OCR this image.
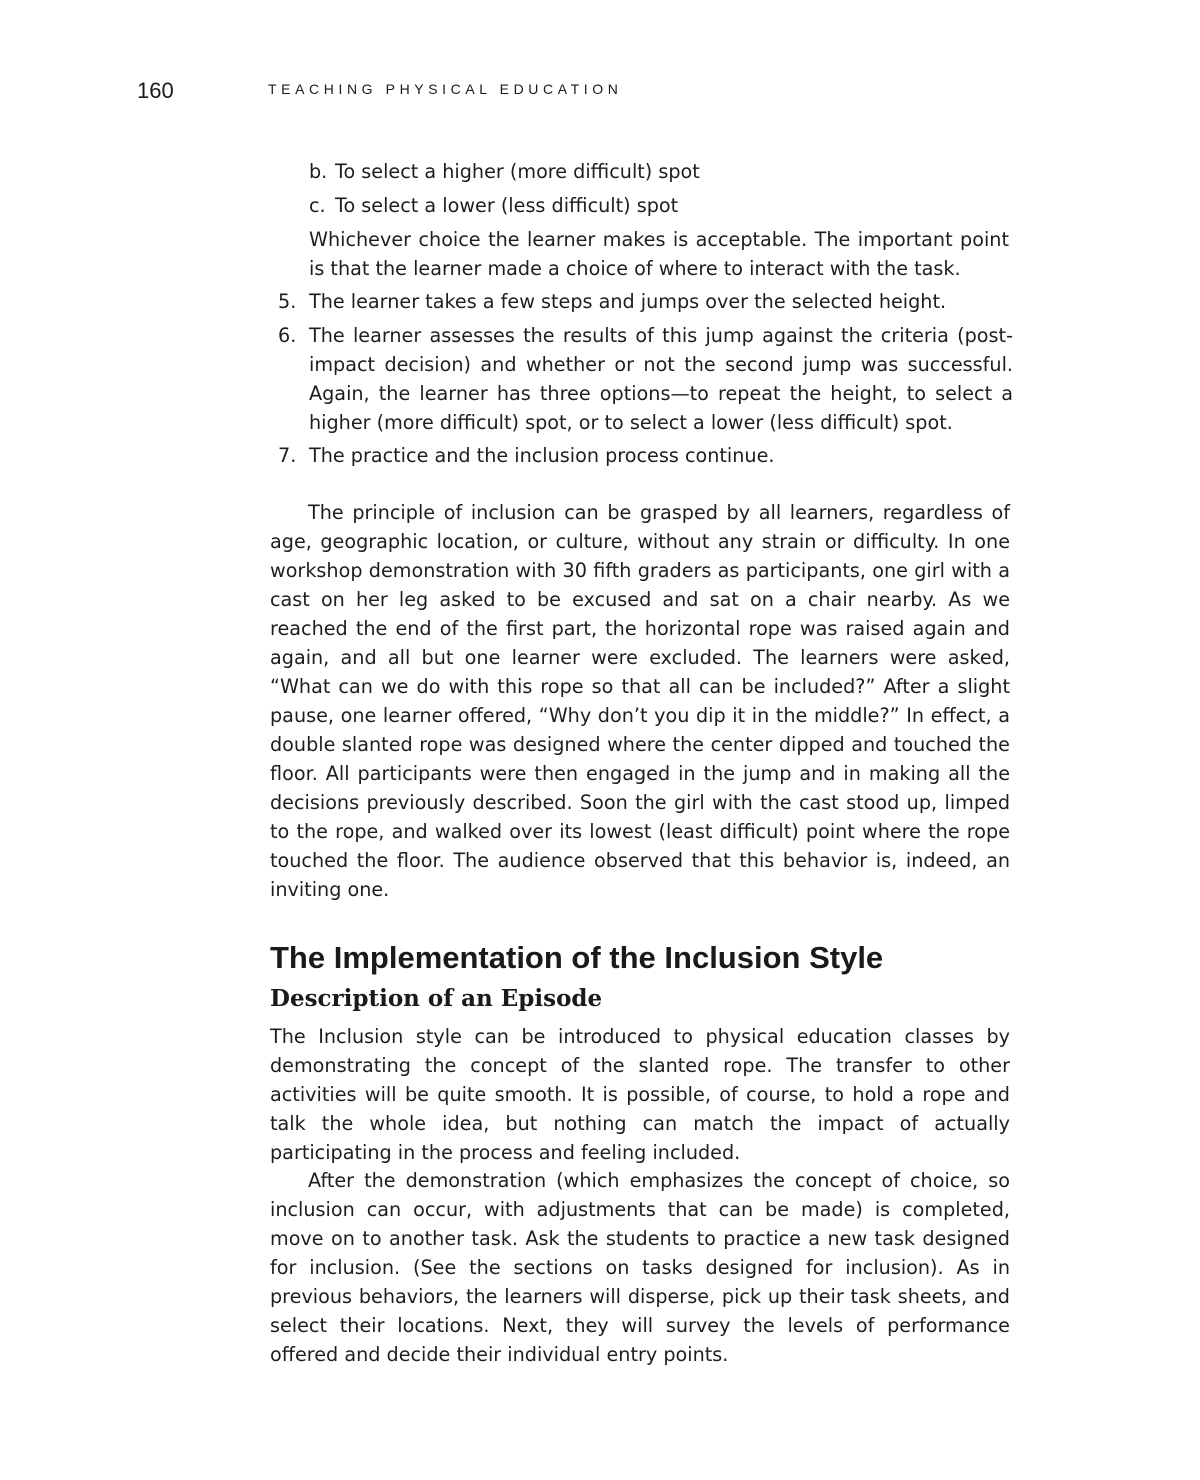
160	TEACHING PHYSICAL EDUCATION
b. To select a higher (more difficult) spot
c. To select a lower (less difficult) spot
Whichever choice the learner makes is acceptable. The important point is that the learner made a choice of where to interact with the task.
5. The learner takes a few steps and jumps over the selected height.
6. The learner assesses the results of this jump against the criteria (post-impact decision) and whether or not the second jump was successful. Again, the learner has three options—to repeat the height, to select a higher (more difficult) spot, or to select a lower (less difficult) spot.
7. The practice and the inclusion process continue.
The principle of inclusion can be grasped by all learners, regardless of age, geographic location, or culture, without any strain or difficulty. In one workshop demonstration with 30 fifth graders as participants, one girl with a cast on her leg asked to be excused and sat on a chair nearby. As we reached the end of the first part, the horizontal rope was raised again and again, and all but one learner were excluded. The learners were asked, “What can we do with this rope so that all can be included?” After a slight pause, one learner offered, “Why don’t you dip it in the middle?” In effect, a double slanted rope was designed where the center dipped and touched the floor. All participants were then engaged in the jump and in making all the decisions previously described. Soon the girl with the cast stood up, limped to the rope, and walked over its lowest (least difficult) point where the rope touched the floor. The audience observed that this behavior is, indeed, an inviting one.
The Implementation of the Inclusion Style
Description of an Episode
The Inclusion style can be introduced to physical education classes by demonstrating the concept of the slanted rope. The transfer to other activities will be quite smooth. It is possible, of course, to hold a rope and talk the whole idea, but nothing can match the impact of actually participating in the process and feeling included.
After the demonstration (which emphasizes the concept of choice, so inclusion can occur, with adjustments that can be made) is completed, move on to another task. Ask the students to practice a new task designed for inclusion. (See the sections on tasks designed for inclusion). As in previous behaviors, the learners will disperse, pick up their task sheets, and select their locations. Next, they will survey the levels of performance offered and decide their individual entry points.
